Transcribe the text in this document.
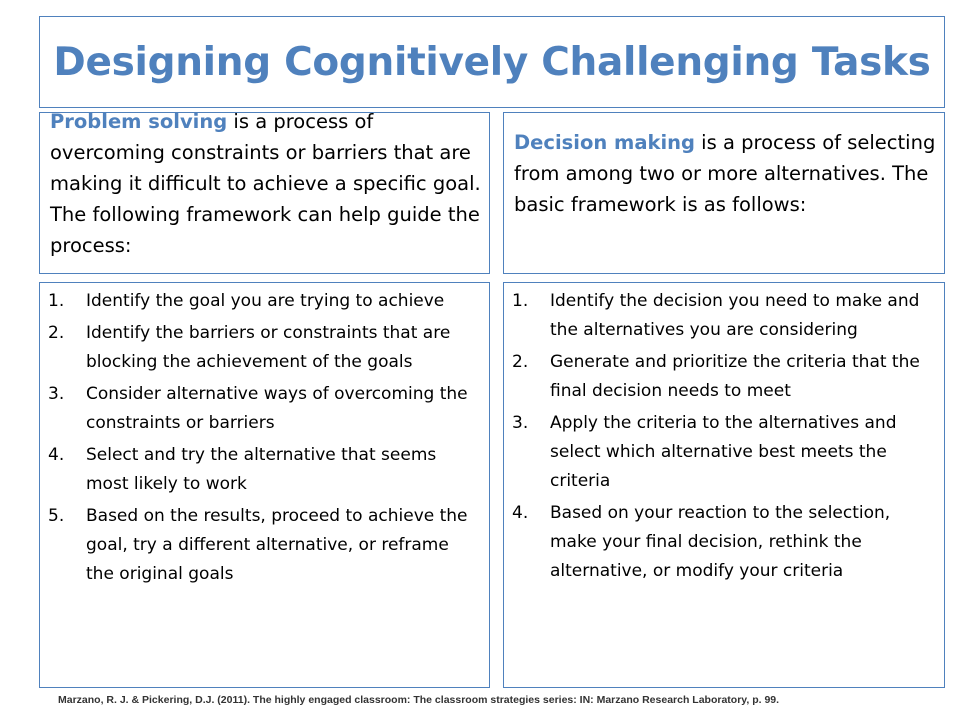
Designing Cognitively Challenging Tasks

Problem solving is a process of overcoming constraints or barriers that are making it difficult to achieve a specific goal. The following framework can help guide the process:

Decision making is a process of selecting from among two or more alternatives. The basic framework is as follows:

1.	Identify the goal you are trying to achieve
2.	Identify the barriers or constraints that are blocking the achievement of the goals
3.	Consider alternative ways of overcoming the constraints or barriers
4.	Select and try the alternative that seems most likely to work
5.	Based on the results, proceed to achieve the goal, try a different alternative, or reframe the original goals
1.	Identify the decision you need to make and the alternatives you are considering
2.	Generate and prioritize the criteria that the final decision needs to meet
3.	Apply the criteria to the alternatives and select which alternative best meets the criteria
4.	Based on your reaction to the selection, make your final decision, rethink the alternative, or modify your criteria
Marzano, R. J. & Pickering, D.J. (2011). The highly engaged classroom: The classroom strategies series: IN: Marzano Research Laboratory, p. 99.
